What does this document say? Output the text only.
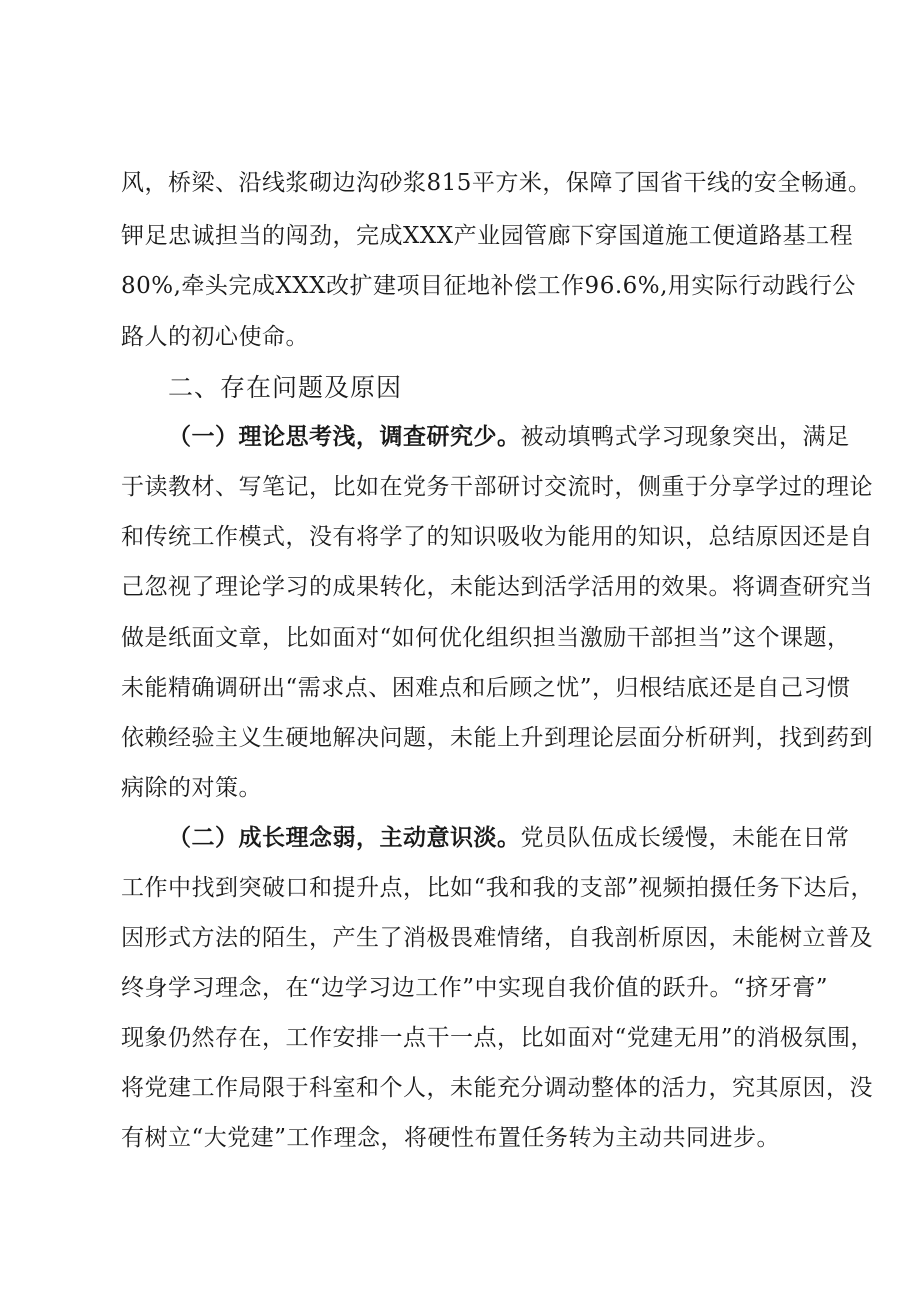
风，桥梁、沿线浆砌边沟砂浆815平方米，保障了国省干线的安全畅通。
钾足忠诚担当的闯劲，完成XXX产业园管廊下穿国道施工便道路基工程
80%,牵头完成XXX改扩建项目征地补偿工作96.6%,用实际行动践行公
路人的初心使命。
二、存在问题及原因
（一）理论思考浅，调查研究少。被动填鸭式学习现象突出，满足
于读教材、写笔记，比如在党务干部研讨交流时，侧重于分享学过的理论
和传统工作模式，没有将学了的知识吸收为能用的知识，总结原因还是自
己忽视了理论学习的成果转化，未能达到活学活用的效果。将调查研究当
做是纸面文章，比如面对“如何优化组织担当激励干部担当”这个课题，
未能精确调研出“需求点、困难点和后顾之忧”，归根结底还是自己习惯
依赖经验主义生硬地解决问题，未能上升到理论层面分析研判，找到药到
病除的对策。
（二）成长理念弱，主动意识淡。党员队伍成长缓慢，未能在日常
工作中找到突破口和提升点，比如“我和我的支部”视频拍摄任务下达后，
因形式方法的陌生，产生了消极畏难情绪，自我剖析原因，未能树立普及
终身学习理念，在“边学习边工作”中实现自我价值的跃升。“挤牙膏”
现象仍然存在，工作安排一点干一点，比如面对“党建无用”的消极氛围，
将党建工作局限于科室和个人，未能充分调动整体的活力，究其原因，没
有树立“大党建”工作理念，将硬性布置任务转为主动共同进步。
